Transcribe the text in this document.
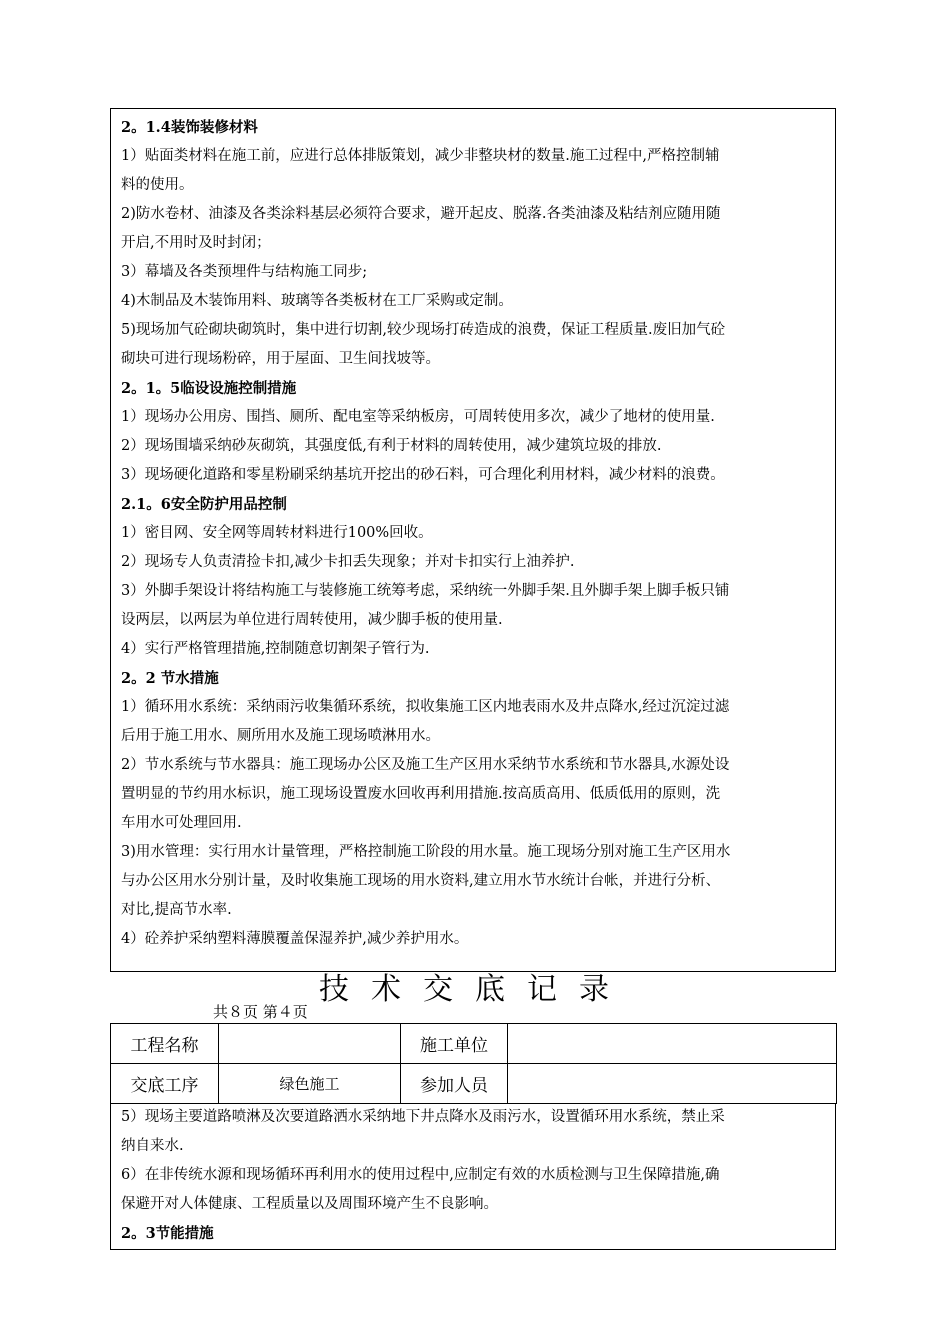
2。1.4装饰装修材料
1）贴面类材料在施工前，应进行总体排版策划，减少非整块材的数量.施工过程中,严格控制辅
料的使用。
2)防水卷材、油漆及各类涂料基层必须符合要求，避开起皮、脱落.各类油漆及粘结剂应随用随
开启,不用时及时封闭；
3）幕墙及各类预埋件与结构施工同步;
4)木制品及木装饰用料、玻璃等各类板材在工厂采购或定制。
5)现场加气砼砌块砌筑时，集中进行切割,较少现场打砖造成的浪费，保证工程质量.废旧加气砼
砌块可进行现场粉碎，用于屋面、卫生间找坡等。
2。1。5临设设施控制措施
1）现场办公用房、围挡、厕所、配电室等采纳板房，可周转使用多次，减少了地材的使用量.
2）现场围墙采纳砂灰砌筑，其强度低,有利于材料的周转使用，减少建筑垃圾的排放.
3）现场硬化道路和零星粉刷采纳基坑开挖出的砂石料，可合理化利用材料，减少材料的浪费。
2.1。6安全防护用品控制
1）密目网、安全网等周转材料进行100%回收。
2）现场专人负责清捡卡扣,减少卡扣丢失现象；并对卡扣实行上油养护.
3）外脚手架设计将结构施工与装修施工统筹考虑，采纳统一外脚手架.且外脚手架上脚手板只铺
设两层，以两层为单位进行周转使用，减少脚手板的使用量.
4）实行严格管理措施,控制随意切割架子管行为.
2。2 节水措施
1）循环用水系统：采纳雨污收集循环系统，拟收集施工区内地表雨水及井点降水,经过沉淀过滤
后用于施工用水、厕所用水及施工现场喷淋用水。
2）节水系统与节水器具：施工现场办公区及施工生产区用水采纳节水系统和节水器具,水源处设
置明显的节约用水标识，施工现场设置废水回收再利用措施.按高质高用、低质低用的原则，洗
车用水可处理回用.
3)用水管理：实行用水计量管理，严格控制施工阶段的用水量。施工现场分别对施工生产区用水
与办公区用水分别计量，及时收集施工现场的用水资料,建立用水节水统计台帐，并进行分析、
对比,提高节水率.
4）砼养护采纳塑料薄膜覆盖保湿养护,减少养护用水。
技术交底记录
共８页 第４页
工程名称		施工单位	
交底工序	绿色施工	参加人员	
5）现场主要道路喷淋及次要道路洒水采纳地下井点降水及雨污水，设置循环用水系统，禁止采
纳自来水.
6）在非传统水源和现场循环再利用水的使用过程中,应制定有效的水质检测与卫生保障措施,确
保避开对人体健康、工程质量以及周围环境产生不良影响。
2。3节能措施
